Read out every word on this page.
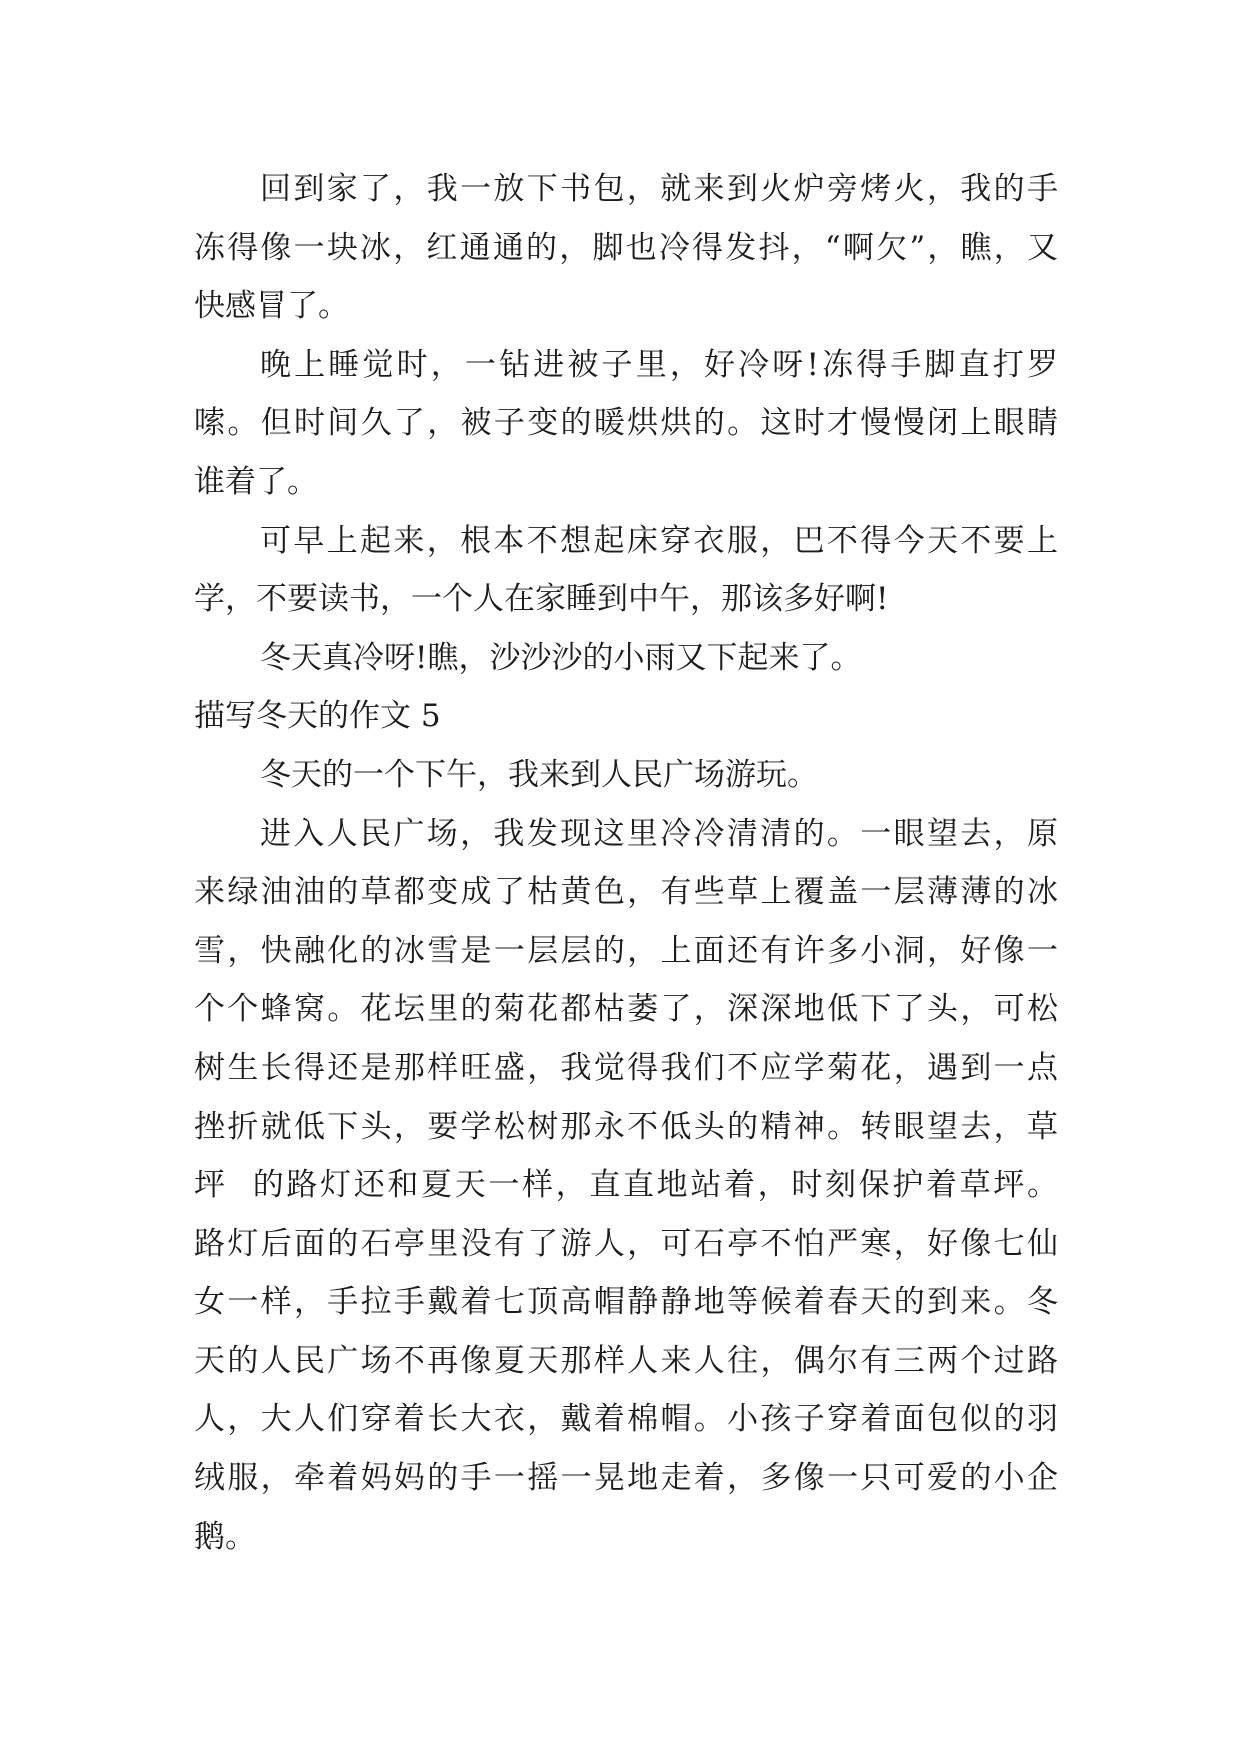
回到家了，我一放下书包，就来到火炉旁烤火，我的手
冻得像一块冰，红通通的，脚也冷得发抖，“啊欠”，瞧，又
快感冒了。
晚上睡觉时，一钻进被子里，好冷呀!冻得手脚直打罗
嗦。但时间久了，被子变的暖烘烘的。这时才慢慢闭上眼睛
谁着了。
可早上起来，根本不想起床穿衣服，巴不得今天不要上
学，不要读书，一个人在家睡到中午，那该多好啊!
冬天真冷呀!瞧，沙沙沙的小雨又下起来了。
描写冬天的作文 5
冬天的一个下午，我来到人民广场游玩。
进入人民广场，我发现这里冷冷清清的。一眼望去，原
来绿油油的草都变成了枯黄色，有些草上覆盖一层薄薄的冰
雪，快融化的冰雪是一层层的，上面还有许多小洞，好像一
个个蜂窝。花坛里的菊花都枯萎了，深深地低下了头，可松
树生长得还是那样旺盛，我觉得我们不应学菊花，遇到一点
挫折就低下头，要学松树那永不低头的精神。转眼望去，草
坪  的路灯还和夏天一样，直直地站着，时刻保护着草坪。
路灯后面的石亭里没有了游人，可石亭不怕严寒，好像七仙
女一样，手拉手戴着七顶高帽静静地等候着春天的到来。冬
天的人民广场不再像夏天那样人来人往，偶尔有三两个过路
人，大人们穿着长大衣，戴着棉帽。小孩子穿着面包似的羽
绒服，牵着妈妈的手一摇一晃地走着，多像一只可爱的小企
鹅。
